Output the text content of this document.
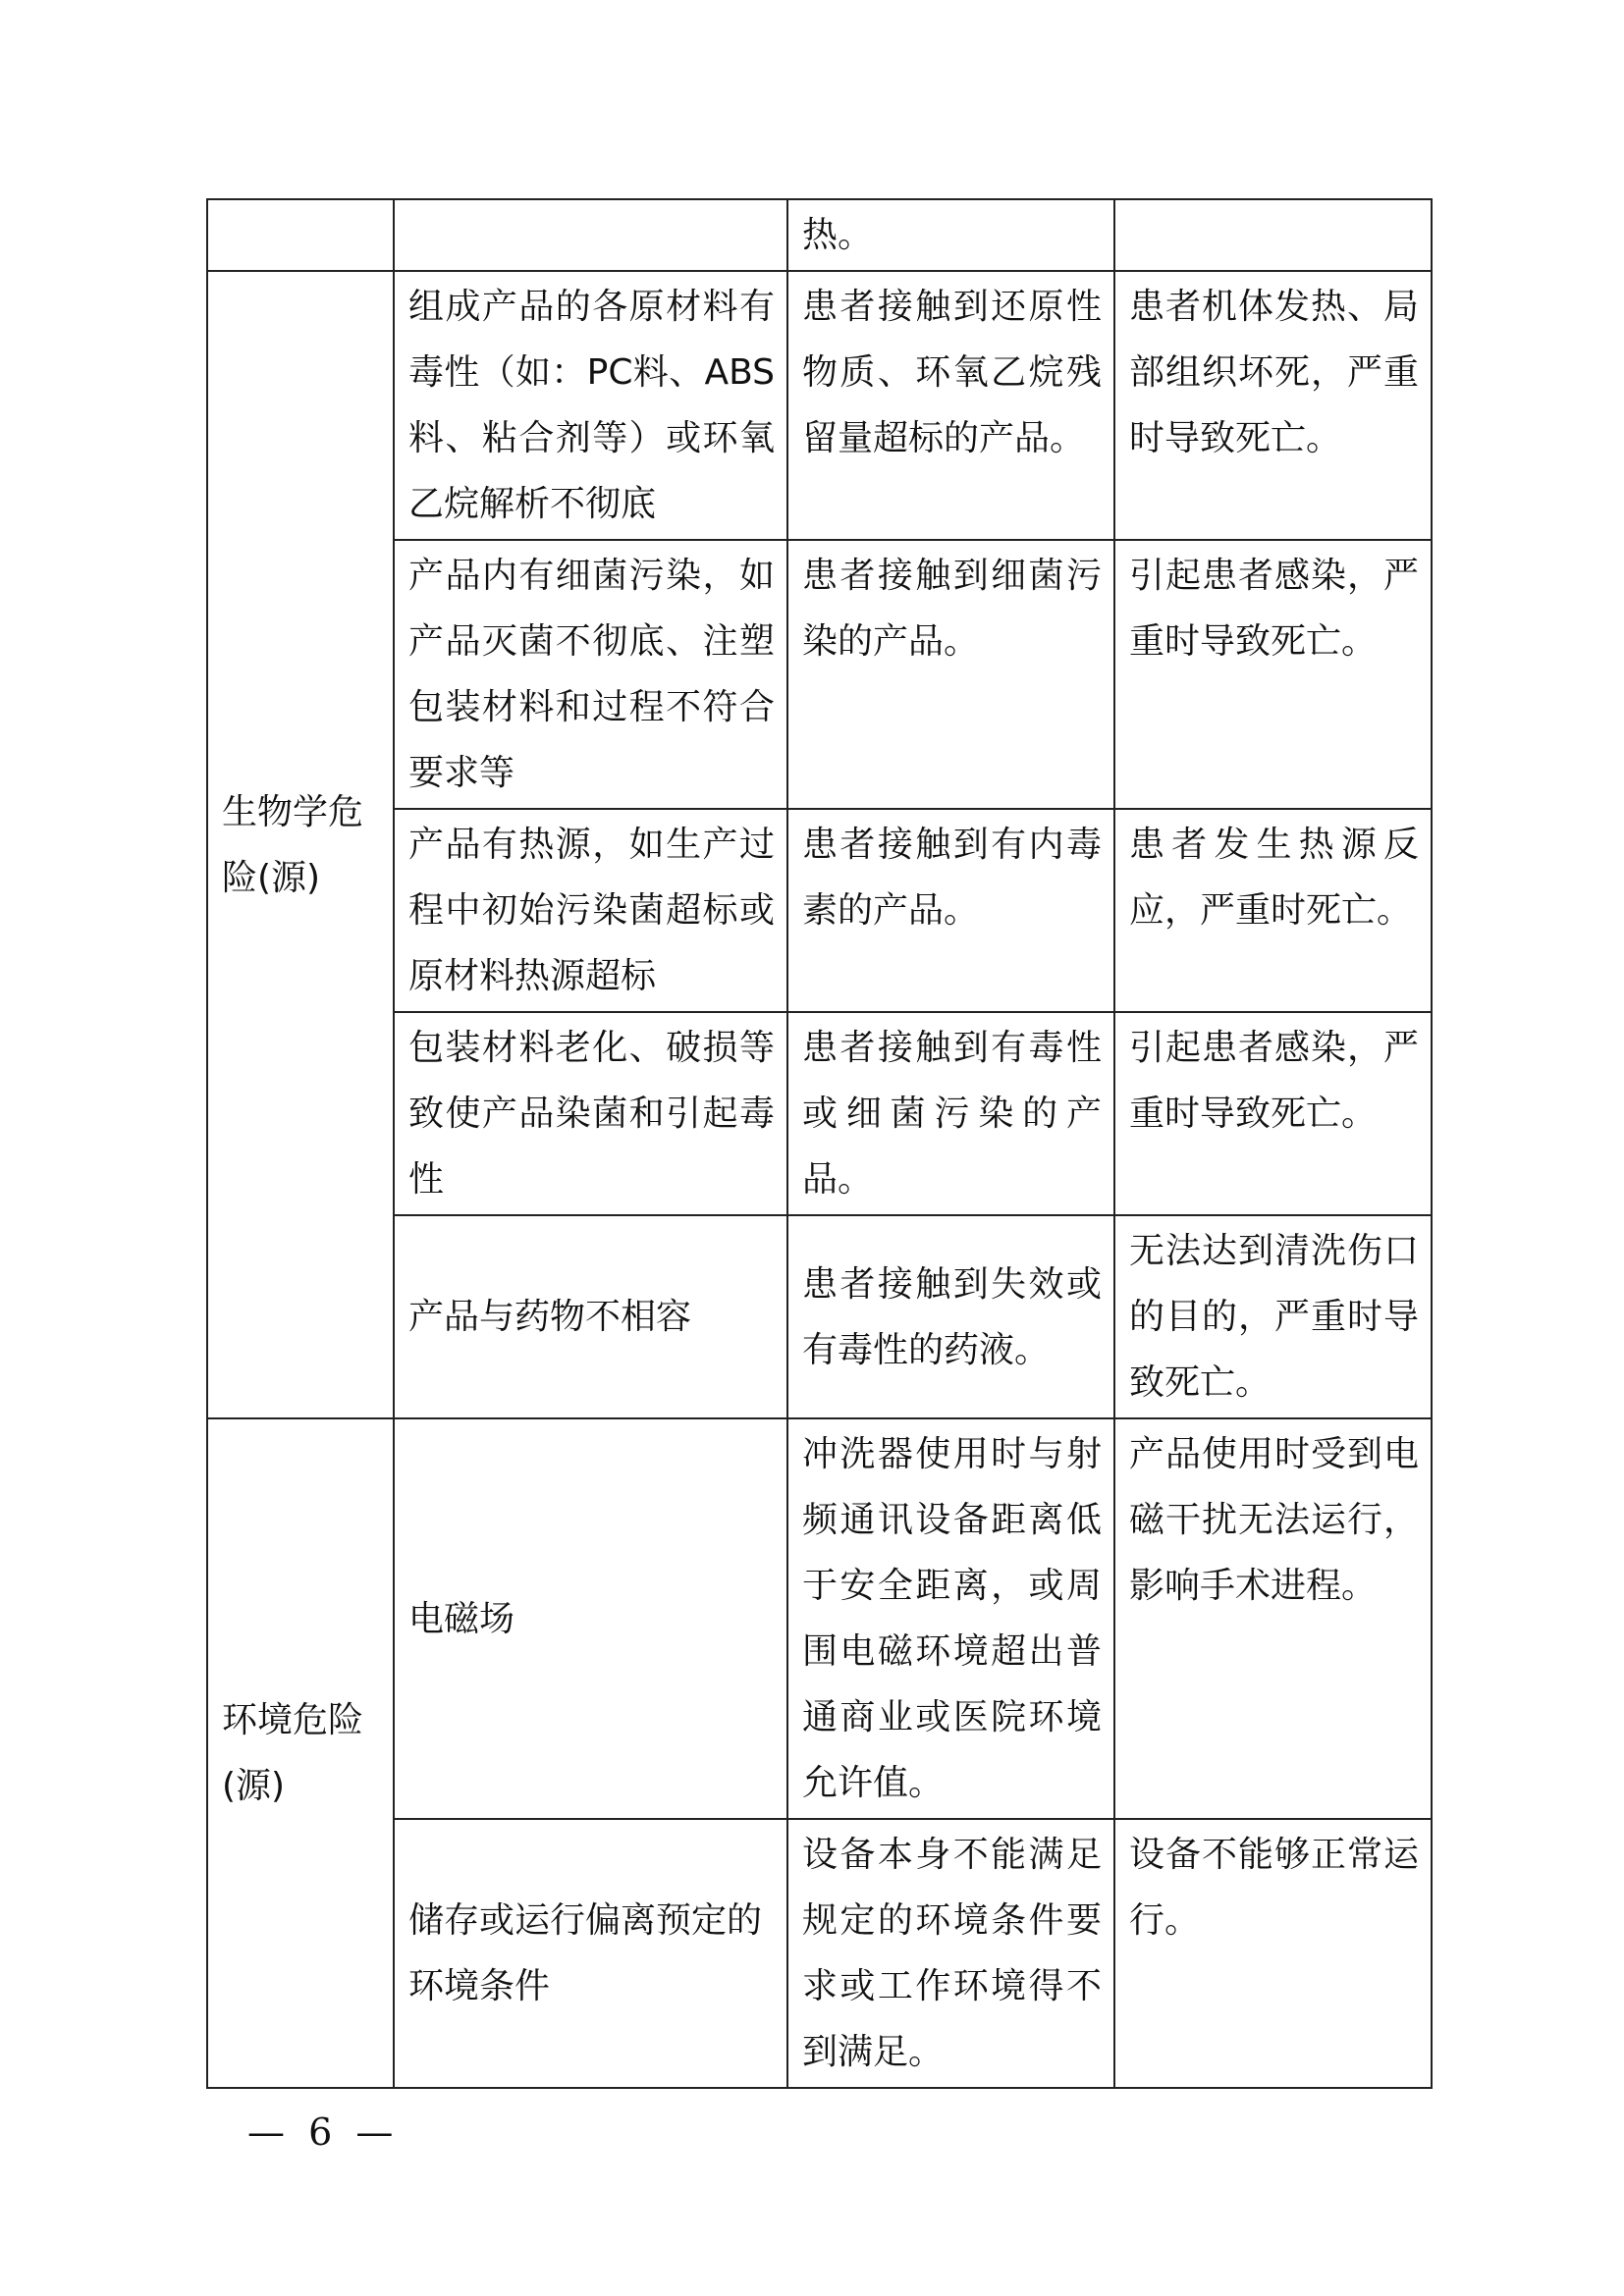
		热。	
生物学危险(源)	组成产品的各原材料有毒性（如：PC料、ABS料、粘合剂等）或环氧乙烷解析不彻底	患者接触到还原性物质、环氧乙烷残留量超标的产品。	患者机体发热、局部组织坏死，严重时导致死亡。
	产品内有细菌污染，如产品灭菌不彻底、注塑包装材料和过程不符合要求等	患者接触到细菌污染的产品。	引起患者感染，严重时导致死亡。
	产品有热源，如生产过程中初始污染菌超标或原材料热源超标	患者接触到有内毒素的产品。	患者发生热源反应，严重时死亡。
	包装材料老化、破损等致使产品染菌和引起毒性	患者接触到有毒性或细菌污染的产品。	引起患者感染，严重时导致死亡。
	产品与药物不相容	患者接触到失效或有毒性的药液。	无法达到清洗伤口的目的，严重时导致死亡。
环境危险(源)	电磁场	冲洗器使用时与射频通讯设备距离低于安全距离，或周围电磁环境超出普通商业或医院环境允许值。	产品使用时受到电磁干扰无法运行，影响手术进程。
	储存或运行偏离预定的环境条件	设备本身不能满足规定的环境条件要求或工作环境得不到满足。	设备不能够正常运行。
— 6 —
